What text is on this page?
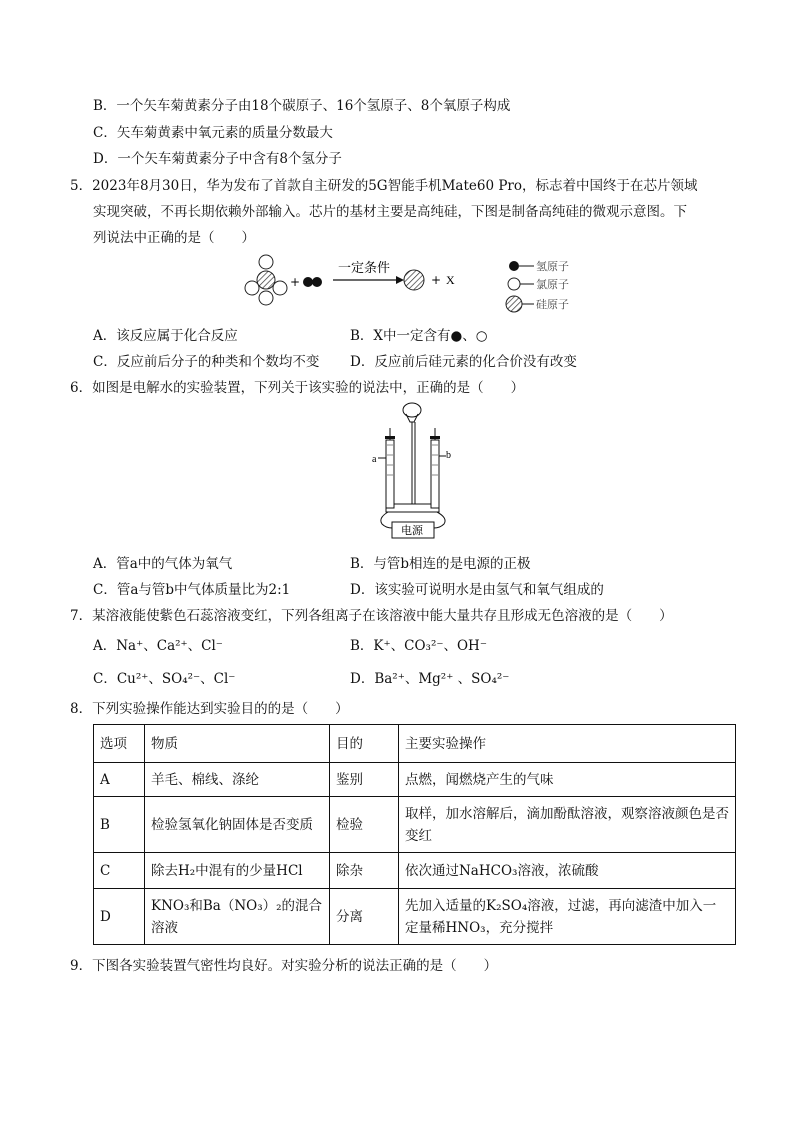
B．一个矢车菊黄素分子由18个碳原子、16个氢原子、8个氧原子构成
C．矢车菊黄素中氧元素的质量分数最大
D．一个矢车菊黄素分子中含有8个氢分子
5．2023年8月30日，华为发布了首款自主研发的5G智能手机Mate60 Pro，标志着中国终于在芯片领域
实现突破，不再长期依赖外部输入。芯片的基材主要是高纯硅，下图是制备高纯硅的微观示意图。下
列说法中正确的是（　　）
+
一定条件
+ X
氢原子
氯原子
硅原子
A．该反应属于化合反应	B．X中一定含有●、○
C．反应前后分子的种类和个数均不变 D．反应前后硅元素的化合价没有改变
6．如图是电解水的实验装置，下列关于该实验的说法中，正确的是（　　）
a	b
电源
A．管a中的气体为氧气	B．与管b相连的是电源的正极
C．管a与管b中气体质量比为2:1	D．该实验可说明水是由氢气和氧气组成的
7．某溶液能使紫色石蕊溶液变红，下列各组离子在该溶液中能大量共存且形成无色溶液的是（　　）
A．Na⁺、Ca²⁺、Cl⁻	B．K⁺、CO₃²⁻、OH⁻
C．Cu²⁺、SO₄²⁻、Cl⁻	D．Ba²⁺、Mg²⁺ 、SO₄²⁻
8．下列实验操作能达到实验目的的是（　　）
选项	物质	目的	主要实验操作
A	羊毛、棉线、涤纶	鉴别	点燃，闻燃烧产生的气味
B	检验氢氧化钠固体是否变质	检验	取样，加水溶解后，滴加酚酞溶液，观察溶液颜色是否变红
C	除去H₂中混有的少量HCl	除杂	依次通过NaHCO₃溶液，浓硫酸
D	KNO₃和Ba（NO₃）₂的混合溶液	分离	先加入适量的K₂SO₄溶液，过滤，再向滤渣中加入一定量稀HNO₃，充分搅拌
9．下图各实验装置气密性均良好。对实验分析的说法正确的是（　　）
